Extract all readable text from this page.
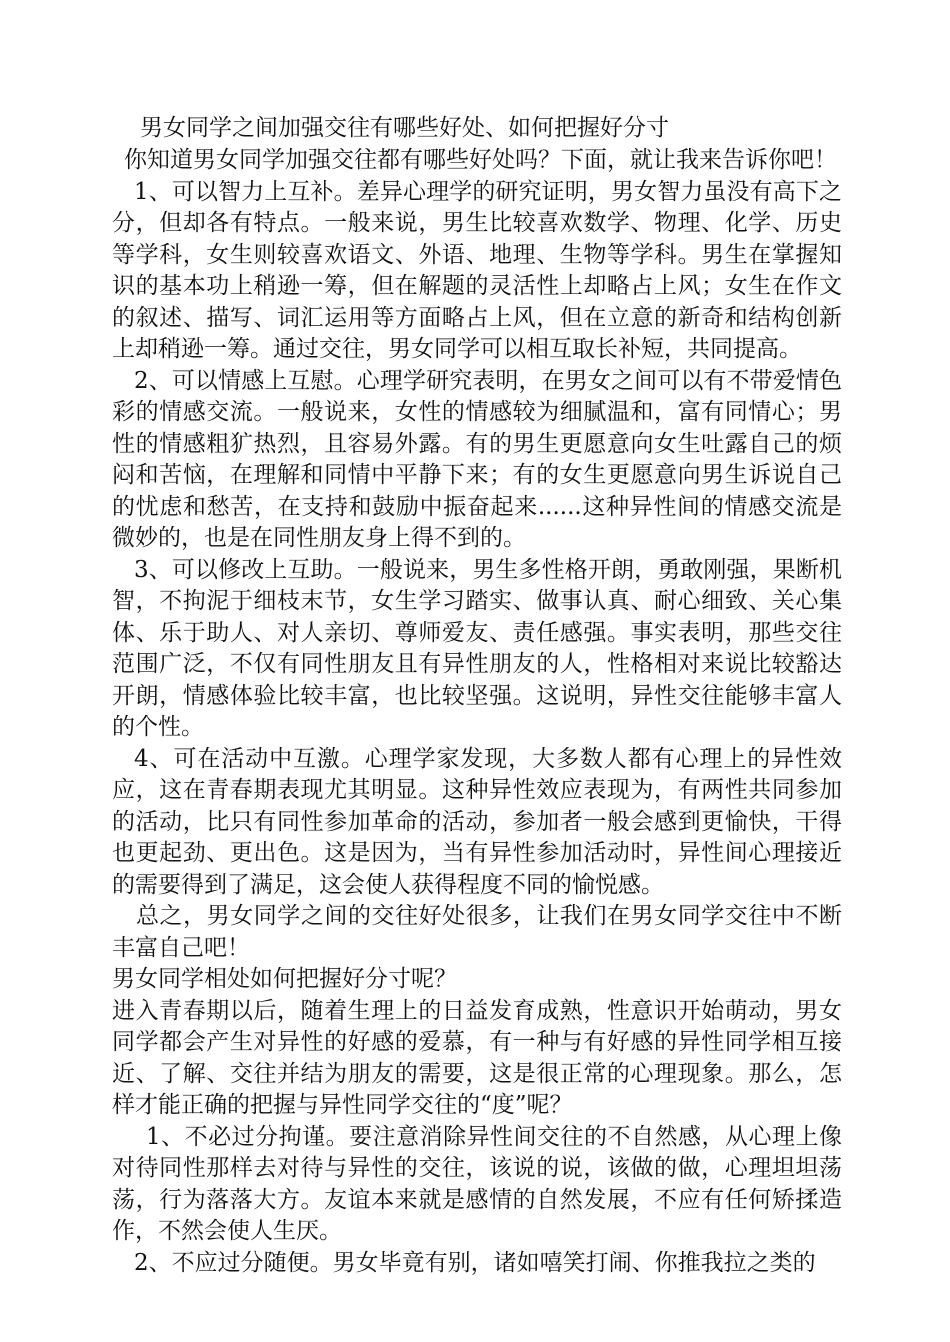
男女同学之间加强交往有哪些好处、如何把握好分寸

你知道男女同学加强交往都有哪些好处吗？下面，就让我来告诉你吧！

1、可以智力上互补。差异心理学的研究证明，男女智力虽没有高下之分，但却各有特点。一般来说，男生比较喜欢数学、物理、化学、历史等学科，女生则较喜欢语文、外语、地理、生物等学科。男生在掌握知识的基本功上稍逊一筹，但在解题的灵活性上却略占上风；女生在作文的叙述、描写、词汇运用等方面略占上风，但在立意的新奇和结构创新上却稍逊一筹。通过交往，男女同学可以相互取长补短，共同提高。

2、可以情感上互慰。心理学研究表明，在男女之间可以有不带爱情色彩的情感交流。一般说来，女性的情感较为细腻温和，富有同情心；男性的情感粗犷热烈，且容易外露。有的男生更愿意向女生吐露自己的烦闷和苦恼，在理解和同情中平静下来；有的女生更愿意向男生诉说自己的忧虑和愁苦，在支持和鼓励中振奋起来......这种异性间的情感交流是微妙的，也是在同性朋友身上得不到的。

3、可以修改上互助。一般说来，男生多性格开朗，勇敢刚强，果断机智，不拘泥于细枝末节，女生学习踏实、做事认真、耐心细致、关心集体、乐于助人、对人亲切、尊师爱友、责任感强。事实表明，那些交往范围广泛，不仅有同性朋友且有异性朋友的人，性格相对来说比较豁达开朗，情感体验比较丰富，也比较坚强。这说明，异性交往能够丰富人的个性。

4、可在活动中互激。心理学家发现，大多数人都有心理上的异性效应，这在青春期表现尤其明显。这种异性效应表现为，有两性共同参加的活动，比只有同性参加革命的活动，参加者一般会感到更愉快，干得也更起劲、更出色。这是因为，当有异性参加活动时，异性间心理接近的需要得到了满足，这会使人获得程度不同的愉悦感。

总之，男女同学之间的交往好处很多，让我们在男女同学交往中不断丰富自己吧！

男女同学相处如何把握好分寸呢？

进入青春期以后，随着生理上的日益发育成熟，性意识开始萌动，男女同学都会产生对异性的好感的爱慕，有一种与有好感的异性同学相互接近、了解、交往并结为朋友的需要，这是很正常的心理现象。那么，怎样才能正确的把握与异性同学交往的“度”呢？

1、不必过分拘谨。要注意消除异性间交往的不自然感，从心理上像对待同性那样去对待与异性的交往，该说的说，该做的做，心理坦坦荡荡，行为落落大方。友谊本来就是感情的自然发展，不应有任何矫揉造作，不然会使人生厌。

2、不应过分随便。男女毕竟有别，诸如嘻笑打闹、你推我拉之类的
